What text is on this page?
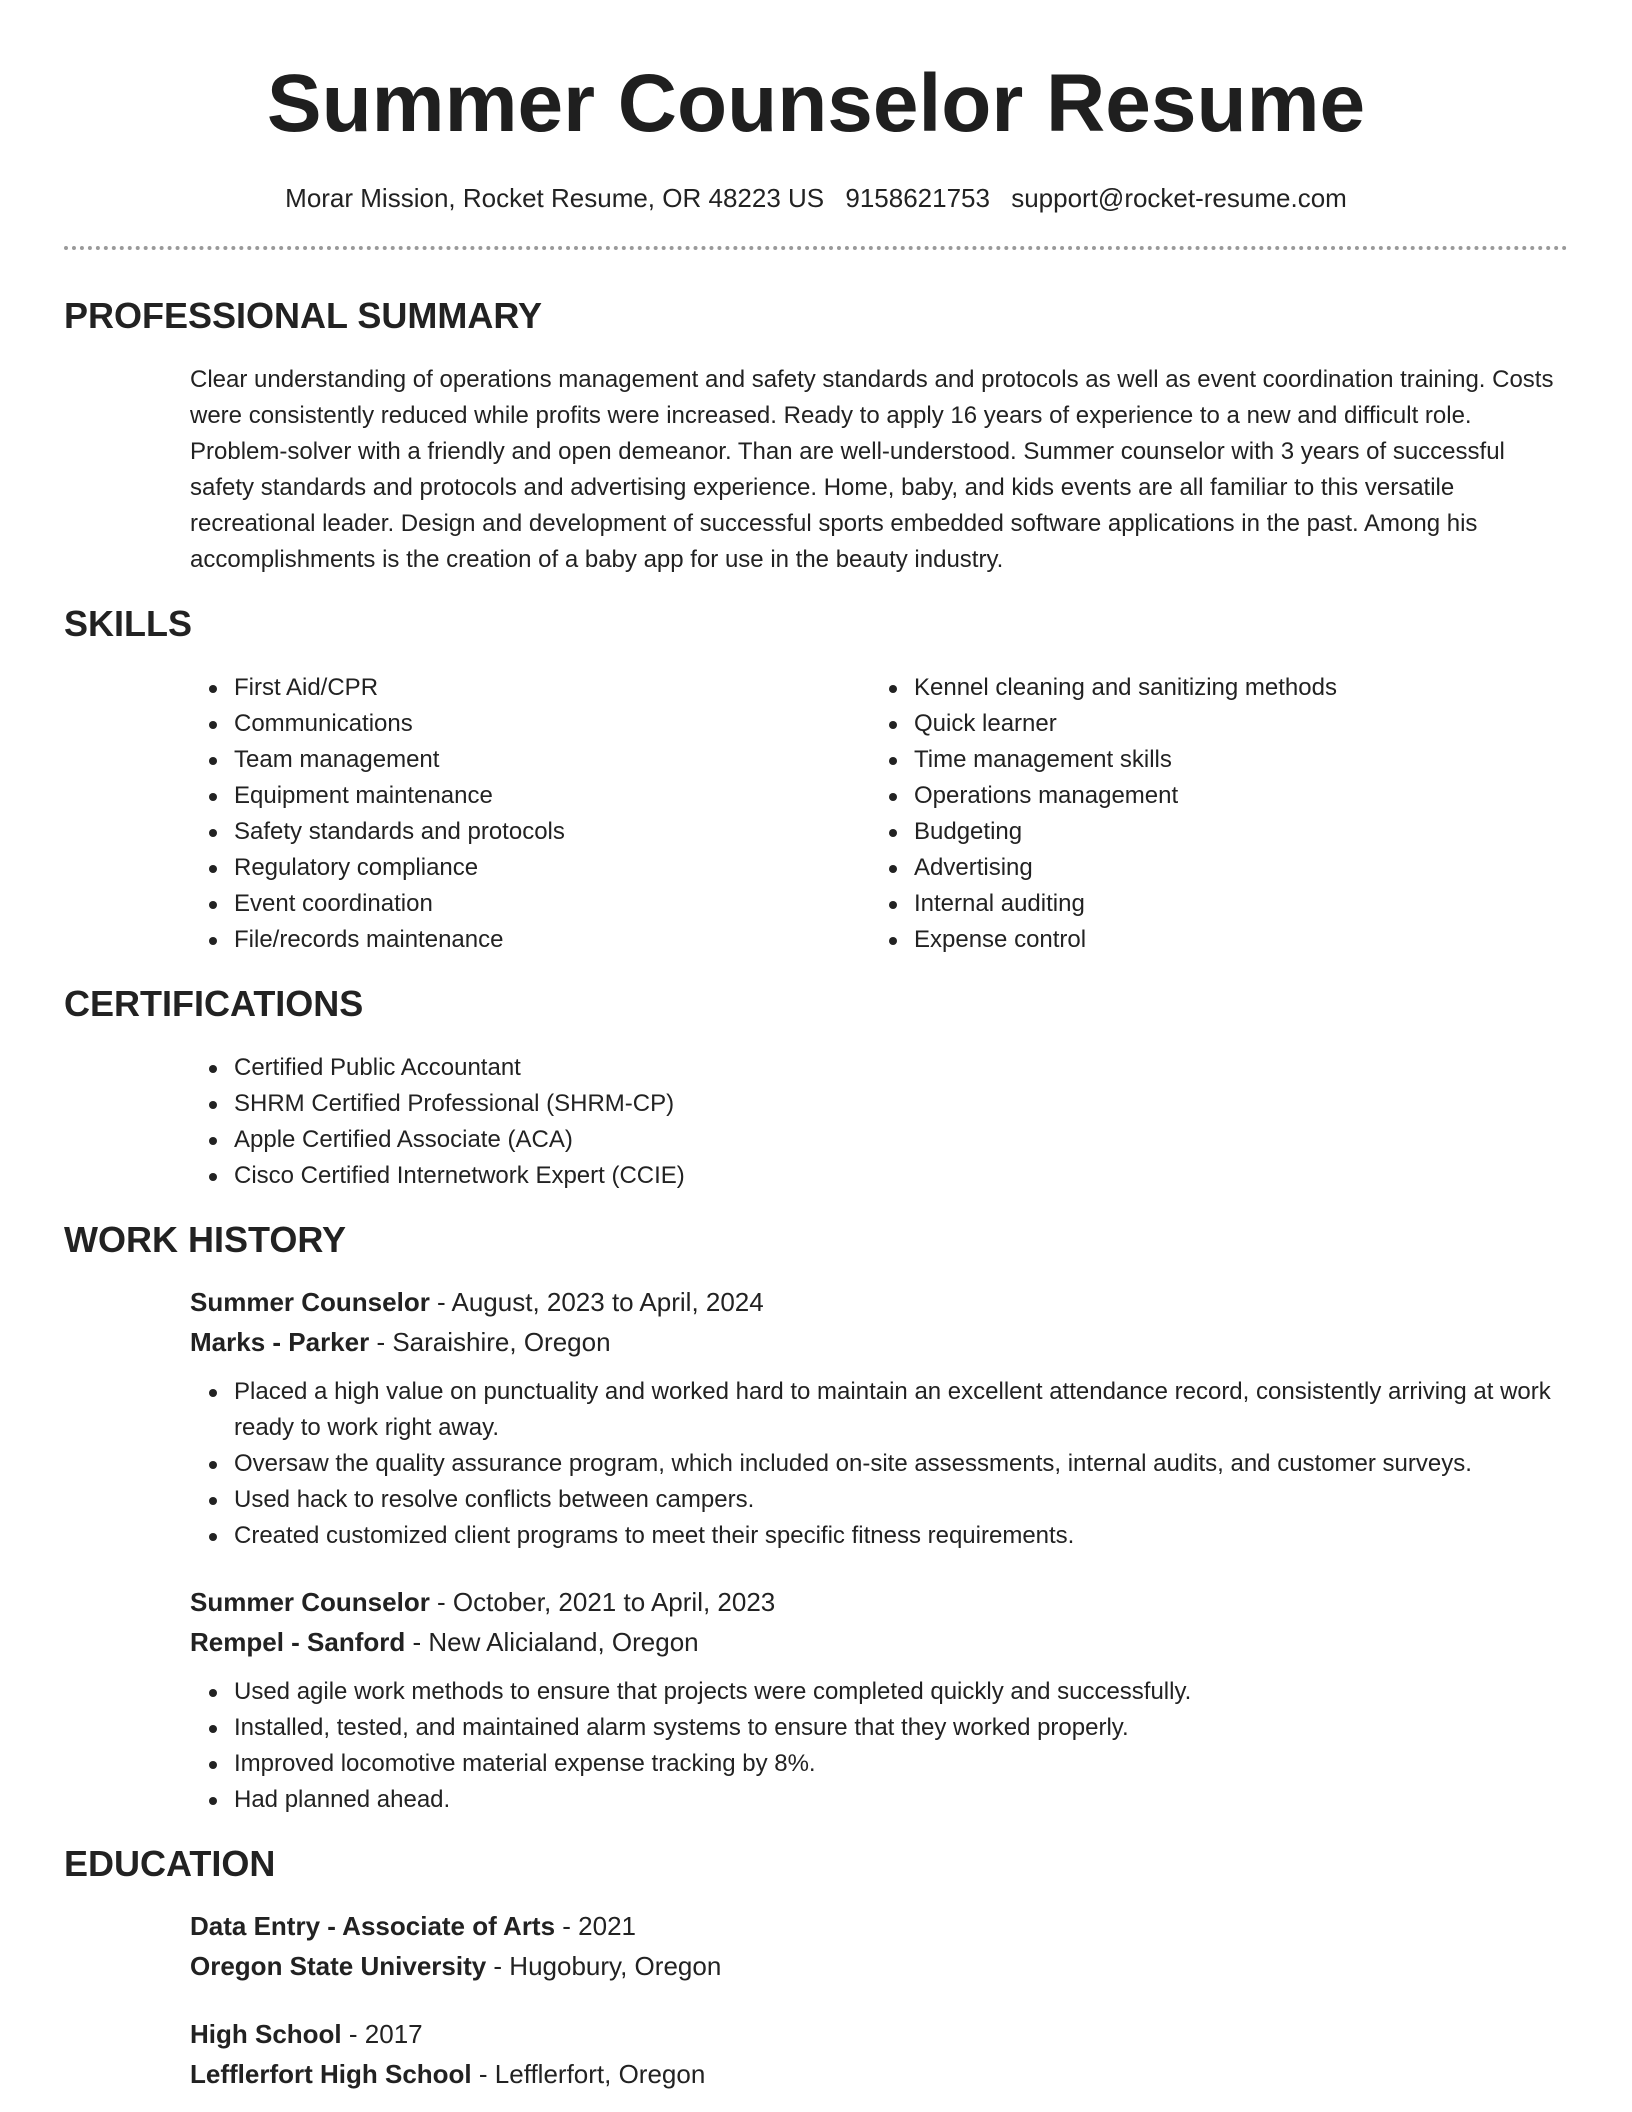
Summer Counselor Resume
Morar Mission, Rocket Resume, OR 48223 US 9158621753 support@rocket-resume.com
PROFESSIONAL SUMMARY
Clear understanding of operations management and safety standards and protocols as well as event coordination training. Costs were consistently reduced while profits were increased. Ready to apply 16 years of experience to a new and difficult role. Problem-solver with a friendly and open demeanor. Than are well-understood. Summer counselor with 3 years of successful safety standards and protocols and advertising experience. Home, baby, and kids events are all familiar to this versatile recreational leader. Design and development of successful sports embedded software applications in the past. Among his accomplishments is the creation of a baby app for use in the beauty industry.
SKILLS
First Aid/CPR
Communications
Team management
Equipment maintenance
Safety standards and protocols
Regulatory compliance
Event coordination
File/records maintenance
Kennel cleaning and sanitizing methods
Quick learner
Time management skills
Operations management
Budgeting
Advertising
Internal auditing
Expense control
CERTIFICATIONS
Certified Public Accountant
SHRM Certified Professional (SHRM-CP)
Apple Certified Associate (ACA)
Cisco Certified Internetwork Expert (CCIE)
WORK HISTORY
Summer Counselor - August, 2023 to April, 2024
Marks - Parker - Saraishire, Oregon
Placed a high value on punctuality and worked hard to maintain an excellent attendance record, consistently arriving at work ready to work right away.
Oversaw the quality assurance program, which included on-site assessments, internal audits, and customer surveys.
Used hack to resolve conflicts between campers.
Created customized client programs to meet their specific fitness requirements.
Summer Counselor - October, 2021 to April, 2023
Rempel - Sanford - New Alicialand, Oregon
Used agile work methods to ensure that projects were completed quickly and successfully.
Installed, tested, and maintained alarm systems to ensure that they worked properly.
Improved locomotive material expense tracking by 8%.
Had planned ahead.
EDUCATION
Data Entry - Associate of Arts - 2021
Oregon State University - Hugobury, Oregon
High School - 2017
Lefflerfort High School - Lefflerfort, Oregon
